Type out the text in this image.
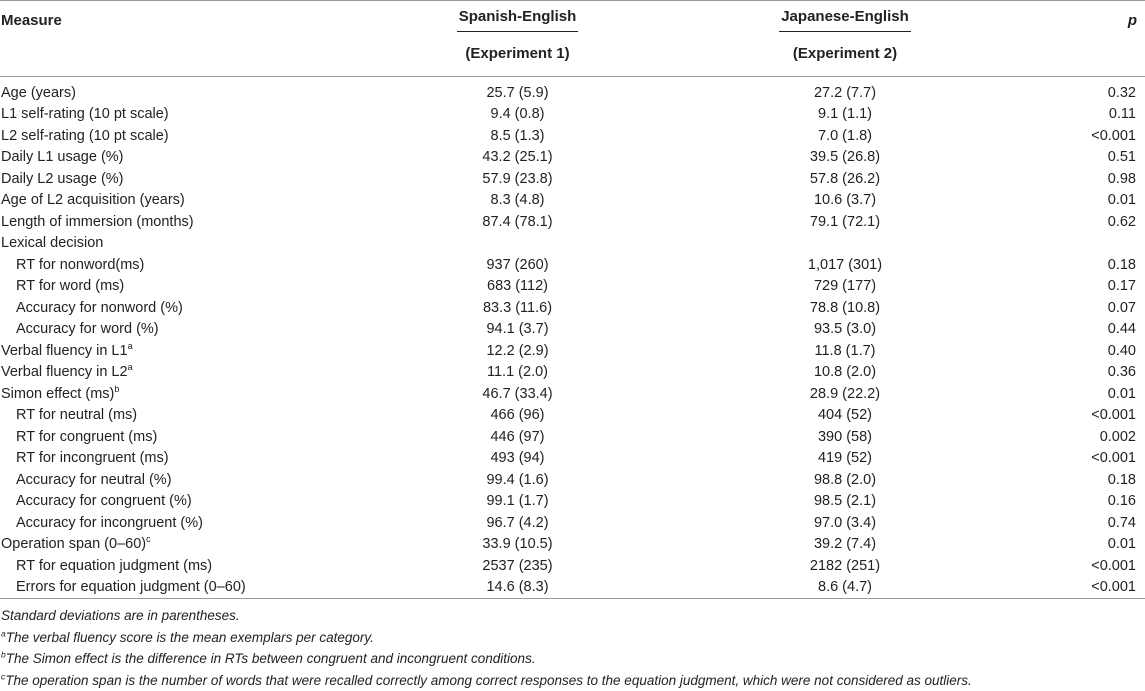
Measure	Spanish-English	Japanese-English	p
	(Experiment 1)	(Experiment 2)	
Age (years)	25.7 (5.9)	27.2 (7.7)	0.32
L1 self-rating (10 pt scale)	9.4 (0.8)	9.1 (1.1)	0.11
L2 self-rating (10 pt scale)	8.5 (1.3)	7.0 (1.8)	<0.001
Daily L1 usage (%)	43.2 (25.1)	39.5 (26.8)	0.51
Daily L2 usage (%)	57.9 (23.8)	57.8 (26.2)	0.98
Age of L2 acquisition (years)	8.3 (4.8)	10.6 (3.7)	0.01
Length of immersion (months)	87.4 (78.1)	79.1 (72.1)	0.62
Lexical decision			
RT for nonword(ms)	937 (260)	1,017 (301)	0.18
RT for word (ms)	683 (112)	729 (177)	0.17
Accuracy for nonword (%)	83.3 (11.6)	78.8 (10.8)	0.07
Accuracy for word (%)	94.1 (3.7)	93.5 (3.0)	0.44
Verbal fluency in L1$^a$	12.2 (2.9)	11.8 (1.7)	0.40
Verbal fluency in L2$^a$	11.1 (2.0)	10.8 (2.0)	0.36
Simon effect (ms)$^b$	46.7 (33.4)	28.9 (22.2)	0.01
RT for neutral (ms)	466 (96)	404 (52)	<0.001
RT for congruent (ms)	446 (97)	390 (58)	0.002
RT for incongruent (ms)	493 (94)	419 (52)	<0.001
Accuracy for neutral (%)	99.4 (1.6)	98.8 (2.0)	0.18
Accuracy for congruent (%)	99.1 (1.7)	98.5 (2.1)	0.16
Accuracy for incongruent (%)	96.7 (4.2)	97.0 (3.4)	0.74
Operation span $(0-60)^c$	33.9 (10.5)	39.2 (7.4)	0.01
RT for equation judgment (ms)	2537 (235)	2182 (251)	<0.001
Errors for equation judgment (0–60)	14.6 (8.3)	8.6 (4.7)	<0.001
Standard deviations are in parentheses.
$^a$The verbal fluency score is the mean exemplars per category.
$^b$The Simon effect is the difference in RTs between congruent and incongruent conditions.
$^c$The operation span is the number of words that were recalled correctly among correct responses to the equation judgment, which were not considered as outliers.
